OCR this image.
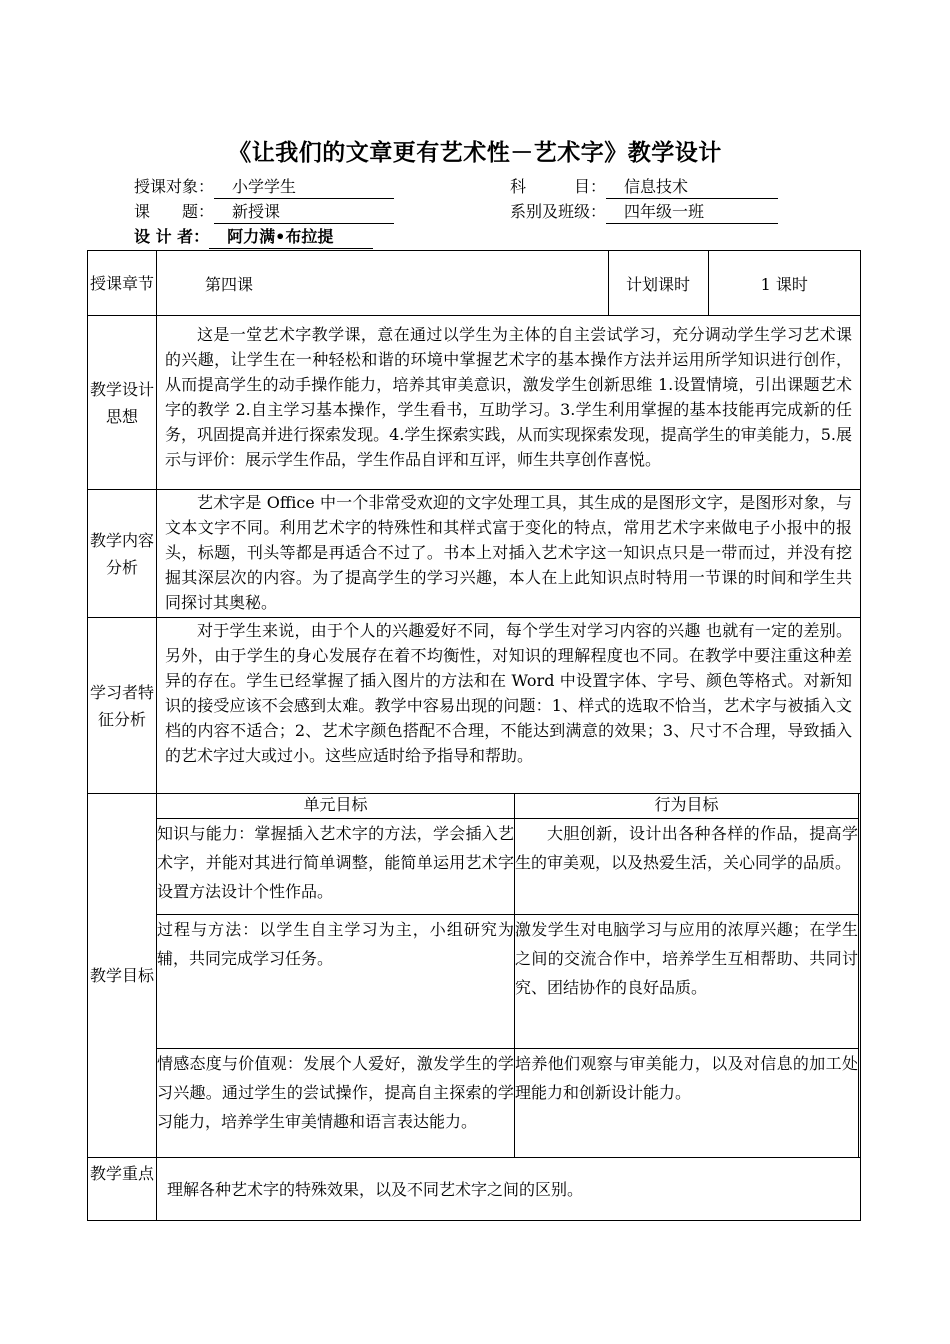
《让我们的文章更有艺术性－艺术字》教学设计
授课对象： 小学学生	科　　　目： 信息技术
课　　题： 新授课	系别及班级： 四年级一班
设 计 者： 阿力满•布拉提
授课章节		第四课	计划课时	1 课时

教学设计思想	
这是一堂艺术字教学课，意在通过以学生为主体的自主尝试学习，充分调动学生学习艺术课的兴趣，让学生在一种轻松和谐的环境中掌握艺术字的基本操作方法并运用所学知识进行创作，从而提高学生的动手操作能力，培养其审美意识，激发学生创新思维 1.设置情境，引出课题艺术字的教学 2.自主学习基本操作，学生看书，互助学习。3.学生利用掌握的基本技能再完成新的任务，巩固提高并进行探索发现。4.学生探索实践，从而实现探索发现，提高学生的审美能力，5.展示与评价：展示学生作品，学生作品自评和互评，师生共享创作喜悦。

教学内容分析	
艺术字是 Office 中一个非常受欢迎的文字处理工具，其生成的是图形文字，是图形对象，与文本文字不同。利用艺术字的特殊性和其样式富于变化的特点，常用艺术字来做电子小报中的报头，标题，刊头等都是再适合不过了。书本上对插入艺术字这一知识点只是一带而过，并没有挖掘其深层次的内容。为了提高学生的学习兴趣，本人在上此知识点时特用一节课的时间和学生共同探讨其奥秘。

学习者特征分析	
对于学生来说，由于个人的兴趣爱好不同，每个学生对学习内容的兴趣 也就有一定的差别。另外，由于学生的身心发展存在着不均衡性，对知识的理解程度也不同。在教学中要注重这种差异的存在。学生已经掌握了插入图片的方法和在 Word 中设置字体、字号、颜色等格式。对新知识的接受应该不会感到太难。教学中容易出现的问题：1、样式的选取不恰当，艺术字与被插入文档的内容不适合；2、艺术字颜色搭配不合理，不能达到满意的效果；3、尺寸不合理，导致插入的艺术字过大或过小。这些应适时给予指导和帮助。

教学目标	
单元目标	行为目标
知识与能力：掌握插入艺术字的方法，学会插入艺术字，并能对其进行简单调整，能简单运用艺术字设置方法设计个性作品。	大胆创新，设计出各种各样的作品，提高学生的审美观，以及热爱生活，关心同学的品质。
过程与方法：以学生自主学习为主，小组研究为辅，共同完成学习任务。	激发学生对电脑学习与应用的浓厚兴趣；在学生之间的交流合作中，培养学生互相帮助、共同讨究、团结协作的良好品质。
情感态度与价值观：发展个人爱好，激发学生的学习兴趣。通过学生的尝试操作，提高自主探索的学习能力，培养学生审美情趣和语言表达能力。	培养他们观察与审美能力，以及对信息的加工处理能力和创新设计能力。

教学重点	
理解各种艺术字的特殊效果，以及不同艺术字之间的区别。
